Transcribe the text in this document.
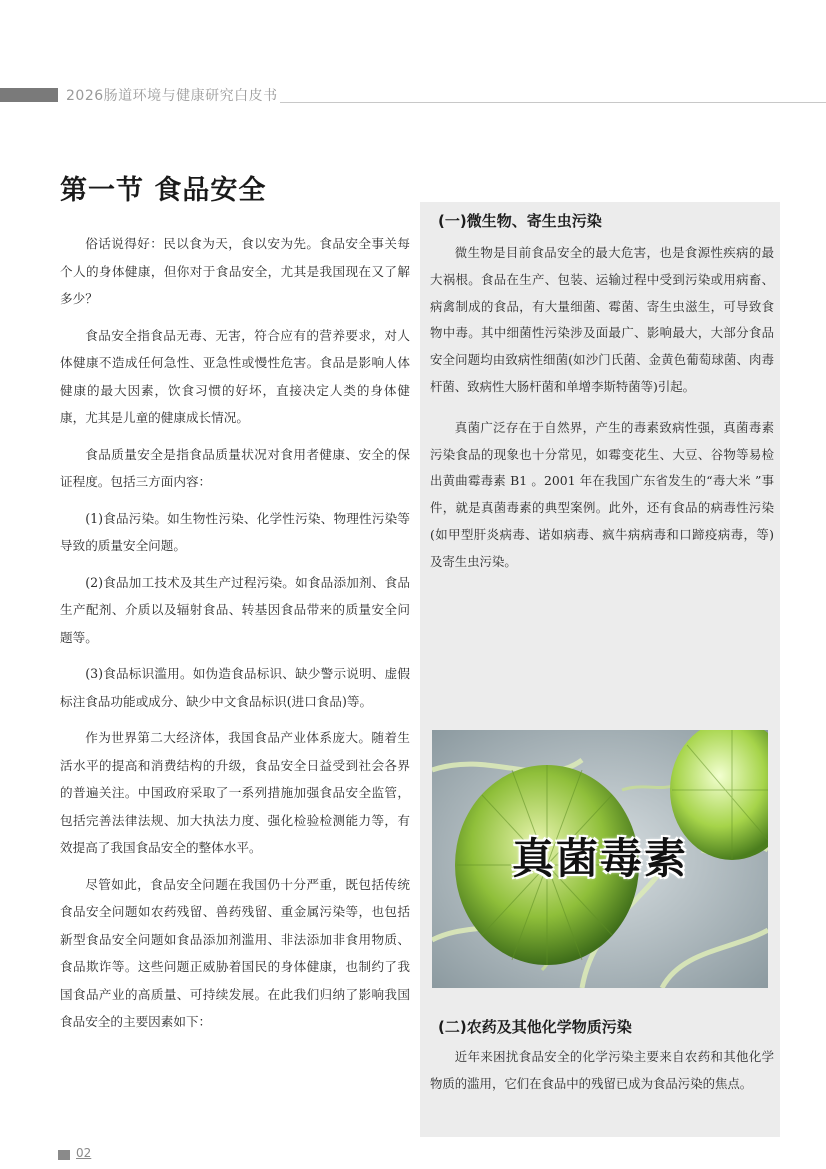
2026肠道环境与健康研究白皮书
第一节 食品安全

俗话说得好：民以食为天，食以安为先。食品安全事关每个人的身体健康，但你对于食品安全，尤其是我国现在又了解多少？

食品安全指食品无毒、无害，符合应有的营养要求，对人体健康不造成任何急性、亚急性或慢性危害。食品是影响人体健康的最大因素，饮食习惯的好坏，直接决定人类的身体健康，尤其是儿童的健康成长情况。

食品质量安全是指食品质量状况对食用者健康、安全的保证程度。包括三方面内容：

(1)食品污染。如生物性污染、化学性污染、物理性污染等导致的质量安全问题。

(2)食品加工技术及其生产过程污染。如食品添加剂、食品生产配剂、介质以及辐射食品、转基因食品带来的质量安全问题等。

(3)食品标识滥用。如伪造食品标识、缺少警示说明、虚假标注食品功能或成分、缺少中文食品标识(进口食品)等。

作为世界第二大经济体，我国食品产业体系庞大。随着生活水平的提高和消费结构的升级，食品安全日益受到社会各界的普遍关注。中国政府采取了一系列措施加强食品安全监管，包括完善法律法规、加大执法力度、强化检验检测能力等，有效提高了我国食品安全的整体水平。

尽管如此，食品安全问题在我国仍十分严重，既包括传统食品安全问题如农药残留、兽药残留、重金属污染等，也包括新型食品安全问题如食品添加剂滥用、非法添加非食用物质、食品欺诈等。这些问题正威胁着国民的身体健康，也制约了我国食品产业的高质量、可持续发展。在此我们归纳了影响我国食品安全的主要因素如下：

(一)微生物、寄生虫污染

微生物是目前食品安全的最大危害，也是食源性疾病的最大祸根。食品在生产、包装、运输过程中受到污染或用病畜、病禽制成的食品，有大量细菌、霉菌、寄生虫滋生，可导致食物中毒。其中细菌性污染涉及面最广、影响最大，大部分食品安全问题均由致病性细菌(如沙门氏菌、金黄色葡萄球菌、肉毒杆菌、致病性大肠杆菌和单增李斯特菌等)引起。

真菌广泛存在于自然界，产生的毒素致病性强，真菌毒素污染食品的现象也十分常见，如霉变花生、大豆、谷物等易检出黄曲霉毒素 B1 。2001 年在我国广东省发生的“毒大米 ”事件，就是真菌毒素的典型案例。此外，还有食品的病毒性污染(如甲型肝炎病毒、诺如病毒、疯牛病病毒和口蹄疫病毒，等)及寄生虫污染。

真菌毒素
(二)农药及其他化学物质污染

近年来困扰食品安全的化学污染主要来自农药和其他化学物质的滥用，它们在食品中的残留已成为食品污染的焦点。

02
